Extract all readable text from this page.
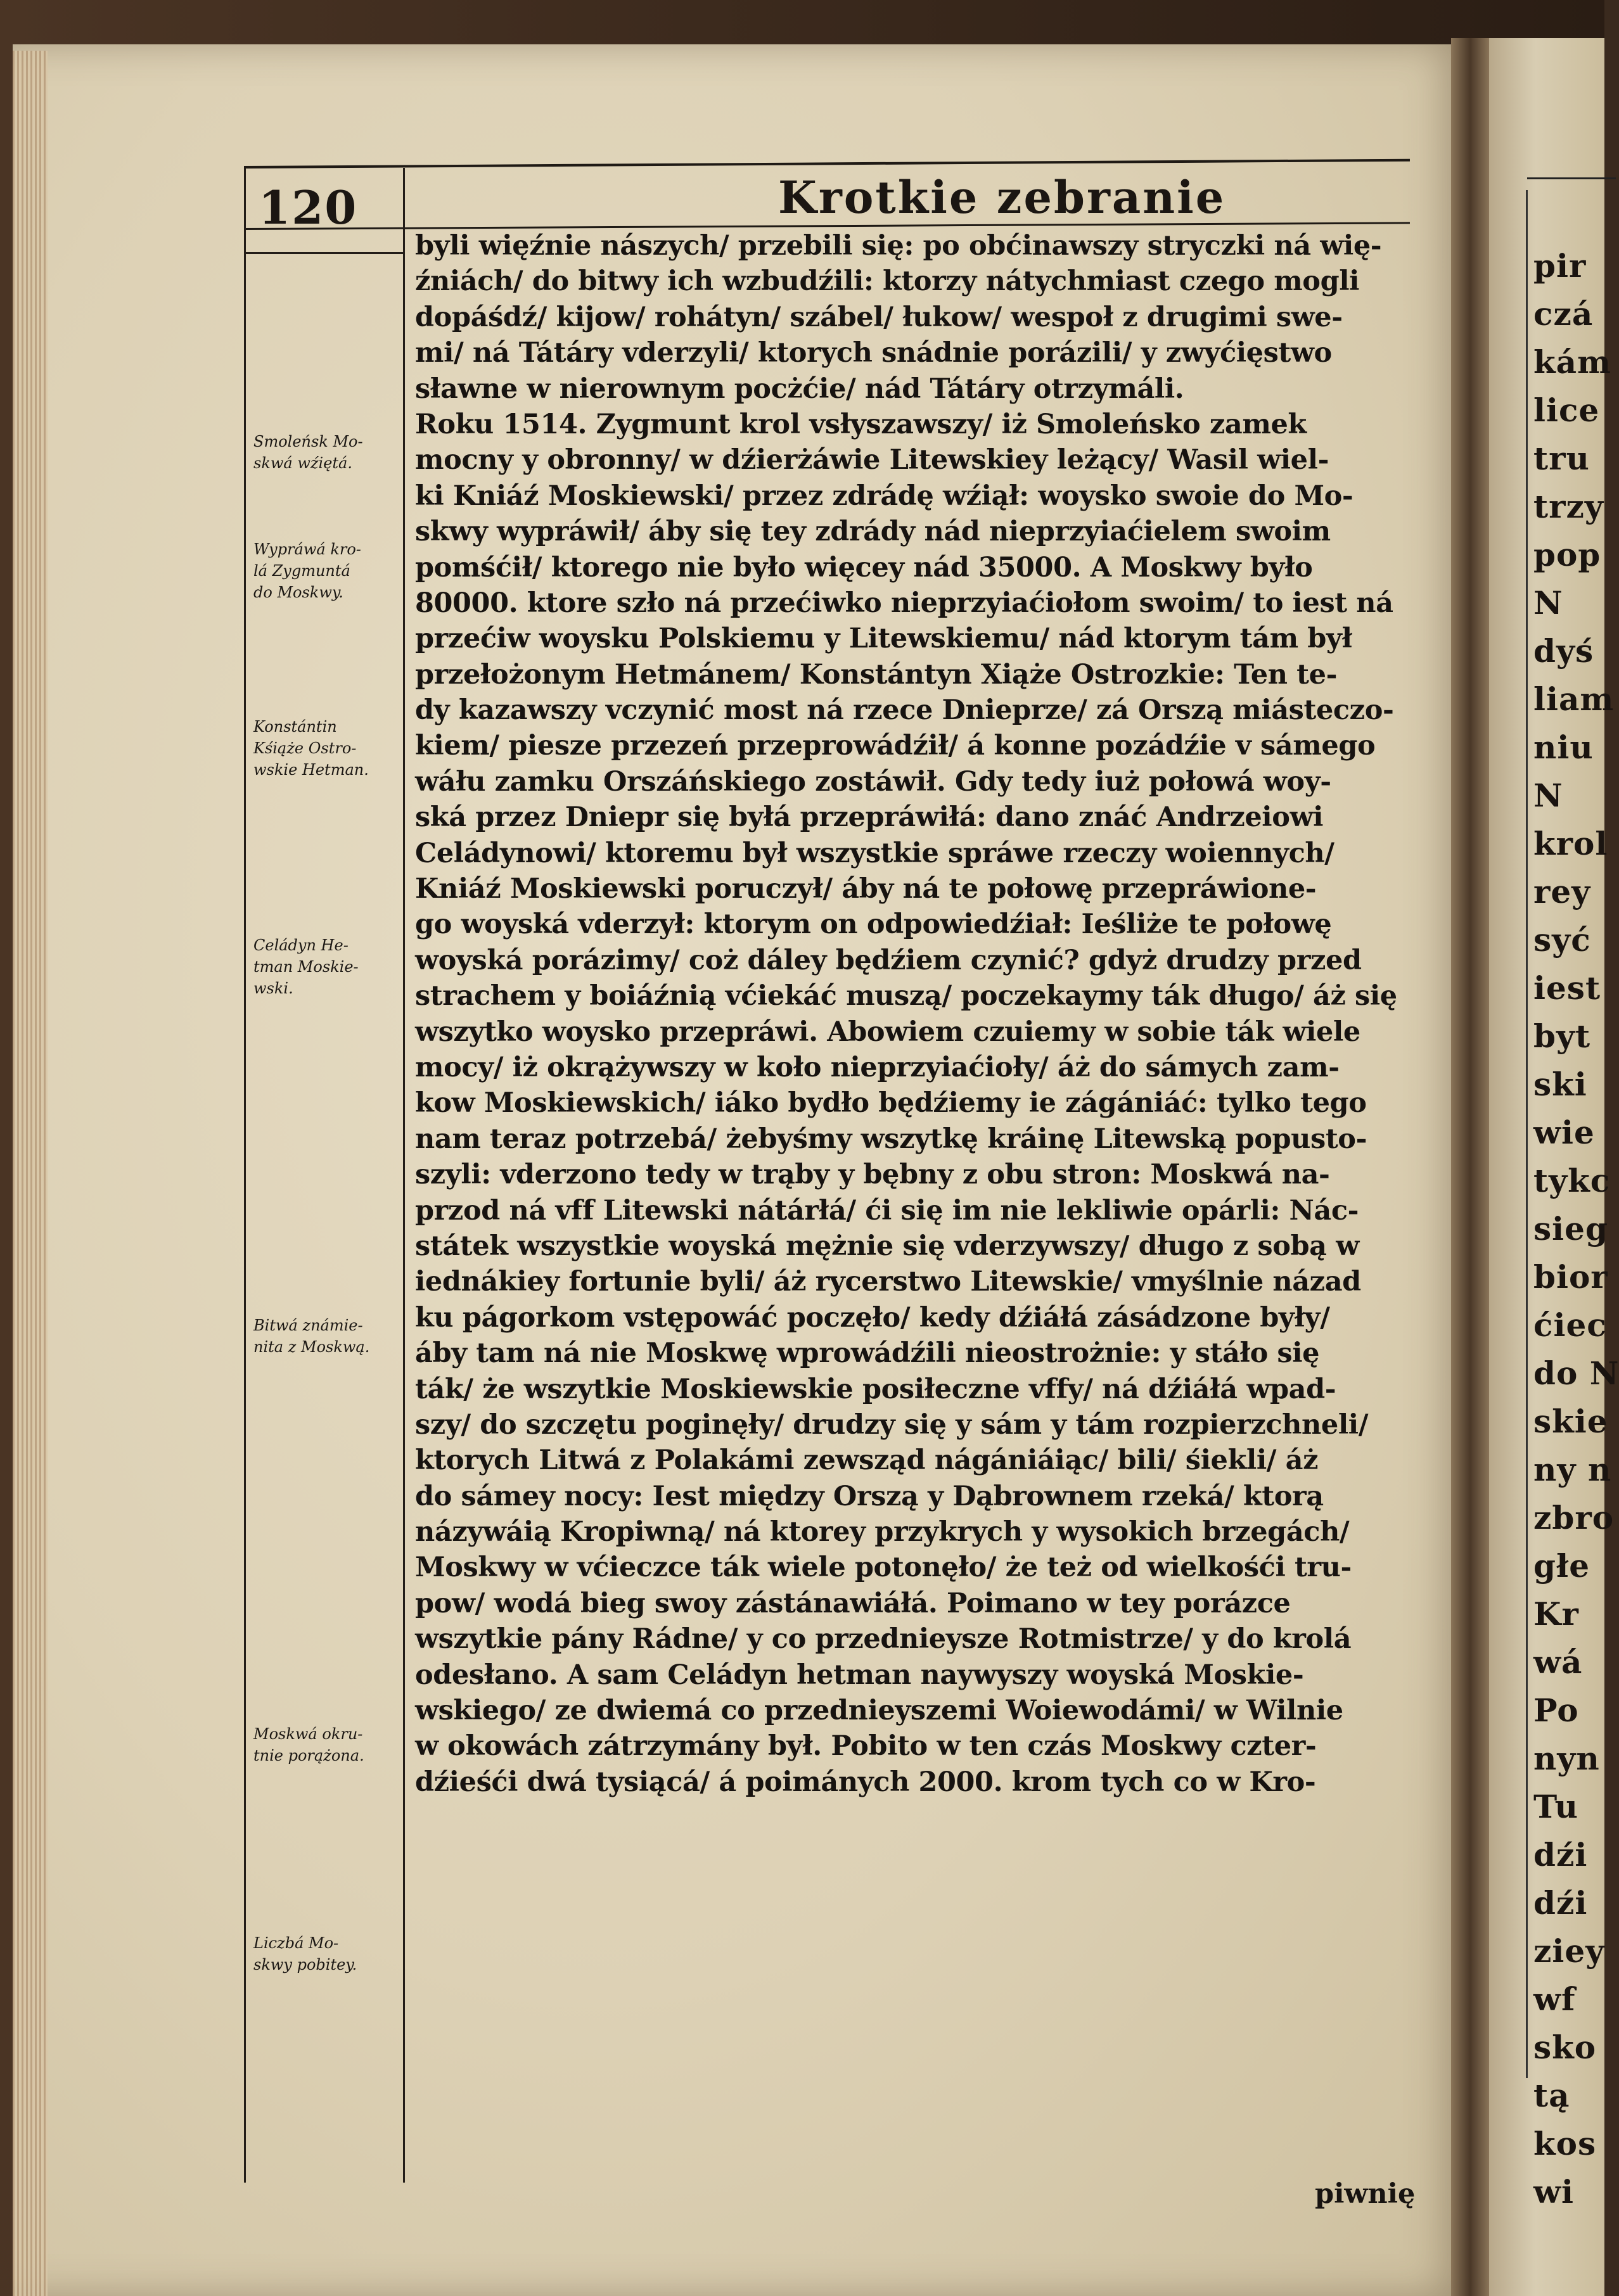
pir
czá
kám
lice
tru
trzy
pop
N
dyś
liam
niu
N
krol
rey
syć
iest
byt
ski
wie
tykc
sieg
bior
ćiec
do N
skie
ny n
zbro
głe
Kr
wá
Po
nyn
Tu
dźi
dźi
ziey
wf
sko
tą
kos
wi
120	Krotkie zebranie
Smoleńsk Mo-
skwá wźiętá.
Wypráwá kro-
lá Zygmuntá
do Moskwy.
Konstántin
Kśiąże Ostro-
wskie Hetman.
Celádyn He-
tman Moskie-
wski.
Bitwá známie-
nita z Moskwą.
Moskwá okru-
tnie porążona.
Liczbá Mo-
skwy pobitey.
byli więźnie nászych/ przebili się: po obćinawszy stryczki ná wię-
źniách/ do bitwy ich wzbudźili: ktorzy nátychmiast czego mogli
dopáśdź/ kijow/ rohátyn/ szábel/ łukow/ wespoł z drugimi swe-
mi/ ná Tátáry vderzyli/ ktorych snádnie porázili/ y zwyćięstwo
sławne w nierownym pocżćie/ nád Tátáry otrzymáli.
Roku 1514. Zygmunt krol vsłyszawszy/ iż Smoleńsko zamek
mocny y obronny/ w dźierżáwie Litewskiey leżący/ Wasil wiel-
ki Kniáź Moskiewski/ przez zdrádę wźiął: woysko swoie do Mo-
skwy wypráwił/ áby się tey zdrády nád nieprzyiaćielem swoim
pomśćił/ ktorego nie było więcey nád 35000. A Moskwy było
80000. ktore szło ná przećiwko nieprzyiaćiołom swoim/ to iest ná
przećiw woysku Polskiemu y Litewskiemu/ nád ktorym tám był
przełożonym Hetmánem/ Konstántyn Xiąże Ostrozkie: Ten te-
dy kazawszy vczynić most ná rzece Dnieprze/ zá Orszą miásteczo-
kiem/ piesze przezeń przeprowádźił/ á konne pozádźie v sámego
wáłu zamku Orszáńskiego zostáwił. Gdy tedy iuż połowá woy-
ská przez Dniepr się byłá przepráwiłá: dano znáć Andrzeiowi
Celádynowi/ ktoremu był wszystkie spráwe rzeczy woiennych/
Kniáź Moskiewski poruczył/ áby ná te połowę przepráwione-
go woyská vderzył: ktorym on odpowiedźiał: Ieśliże te połowę
woyská porázimy/ coż dáley będźiem czynić? gdyż drudzy przed
strachem y boiáźnią vćiekáć muszą/ poczekaymy ták długo/ áż się
wszytko woysko przepráwi. Abowiem czuiemy w sobie ták wiele
mocy/ iż okrążywszy w koło nieprzyiaćioły/ áż do sámych zam-
kow Moskiewskich/ iáko bydło będźiemy ie zágániáć: tylko tego
nam teraz potrzebá/ żebyśmy wszytkę kráinę Litewską popusto-
szyli: vderzono tedy w trąby y bębny z obu stron: Moskwá na-
przod ná vff Litewski nátárłá/ ći się im nie lekliwie opárli: Nác-
státek wszystkie woyská mężnie się vderzywszy/ długo z sobą w
iednákiey fortunie byli/ áż rycerstwo Litewskie/ vmyślnie názad
ku págorkom vstępowáć poczęło/ kedy dźiáłá zásádzone były/
áby tam ná nie Moskwę wprowádźili nieostrożnie: y stáło się
ták/ że wszytkie Moskiewskie posiłeczne vffy/ ná dźiáłá wpad-
szy/ do szczętu poginęły/ drudzy się y sám y tám rozpierzchneli/
ktorych Litwá z Polakámi zewsząd nágániáiąc/ bili/ śiekli/ áż
do sámey nocy: Iest między Orszą y Dąbrownem rzeká/ ktorą
názywáią Kropiwną/ ná ktorey przykrych y wysokich brzegách/
Moskwy w vćieczce ták wiele potonęło/ że też od wielkośći tru-
pow/ wodá bieg swoy zástánawiáłá. Poimano w tey porázce
wszytkie pány Rádne/ y co przednieysze Rotmistrze/ y do krolá
odesłano. A sam Celádyn hetman naywyszy woyská Moskie-
wskiego/ ze dwiemá co przednieyszemi Woiewodámi/ w Wilnie
w okowách zátrzymány był. Pobito w ten czás Moskwy czter-
dźieśći dwá tysiącá/ á poimánych 2000. krom tych co w Kro-
piwnię
